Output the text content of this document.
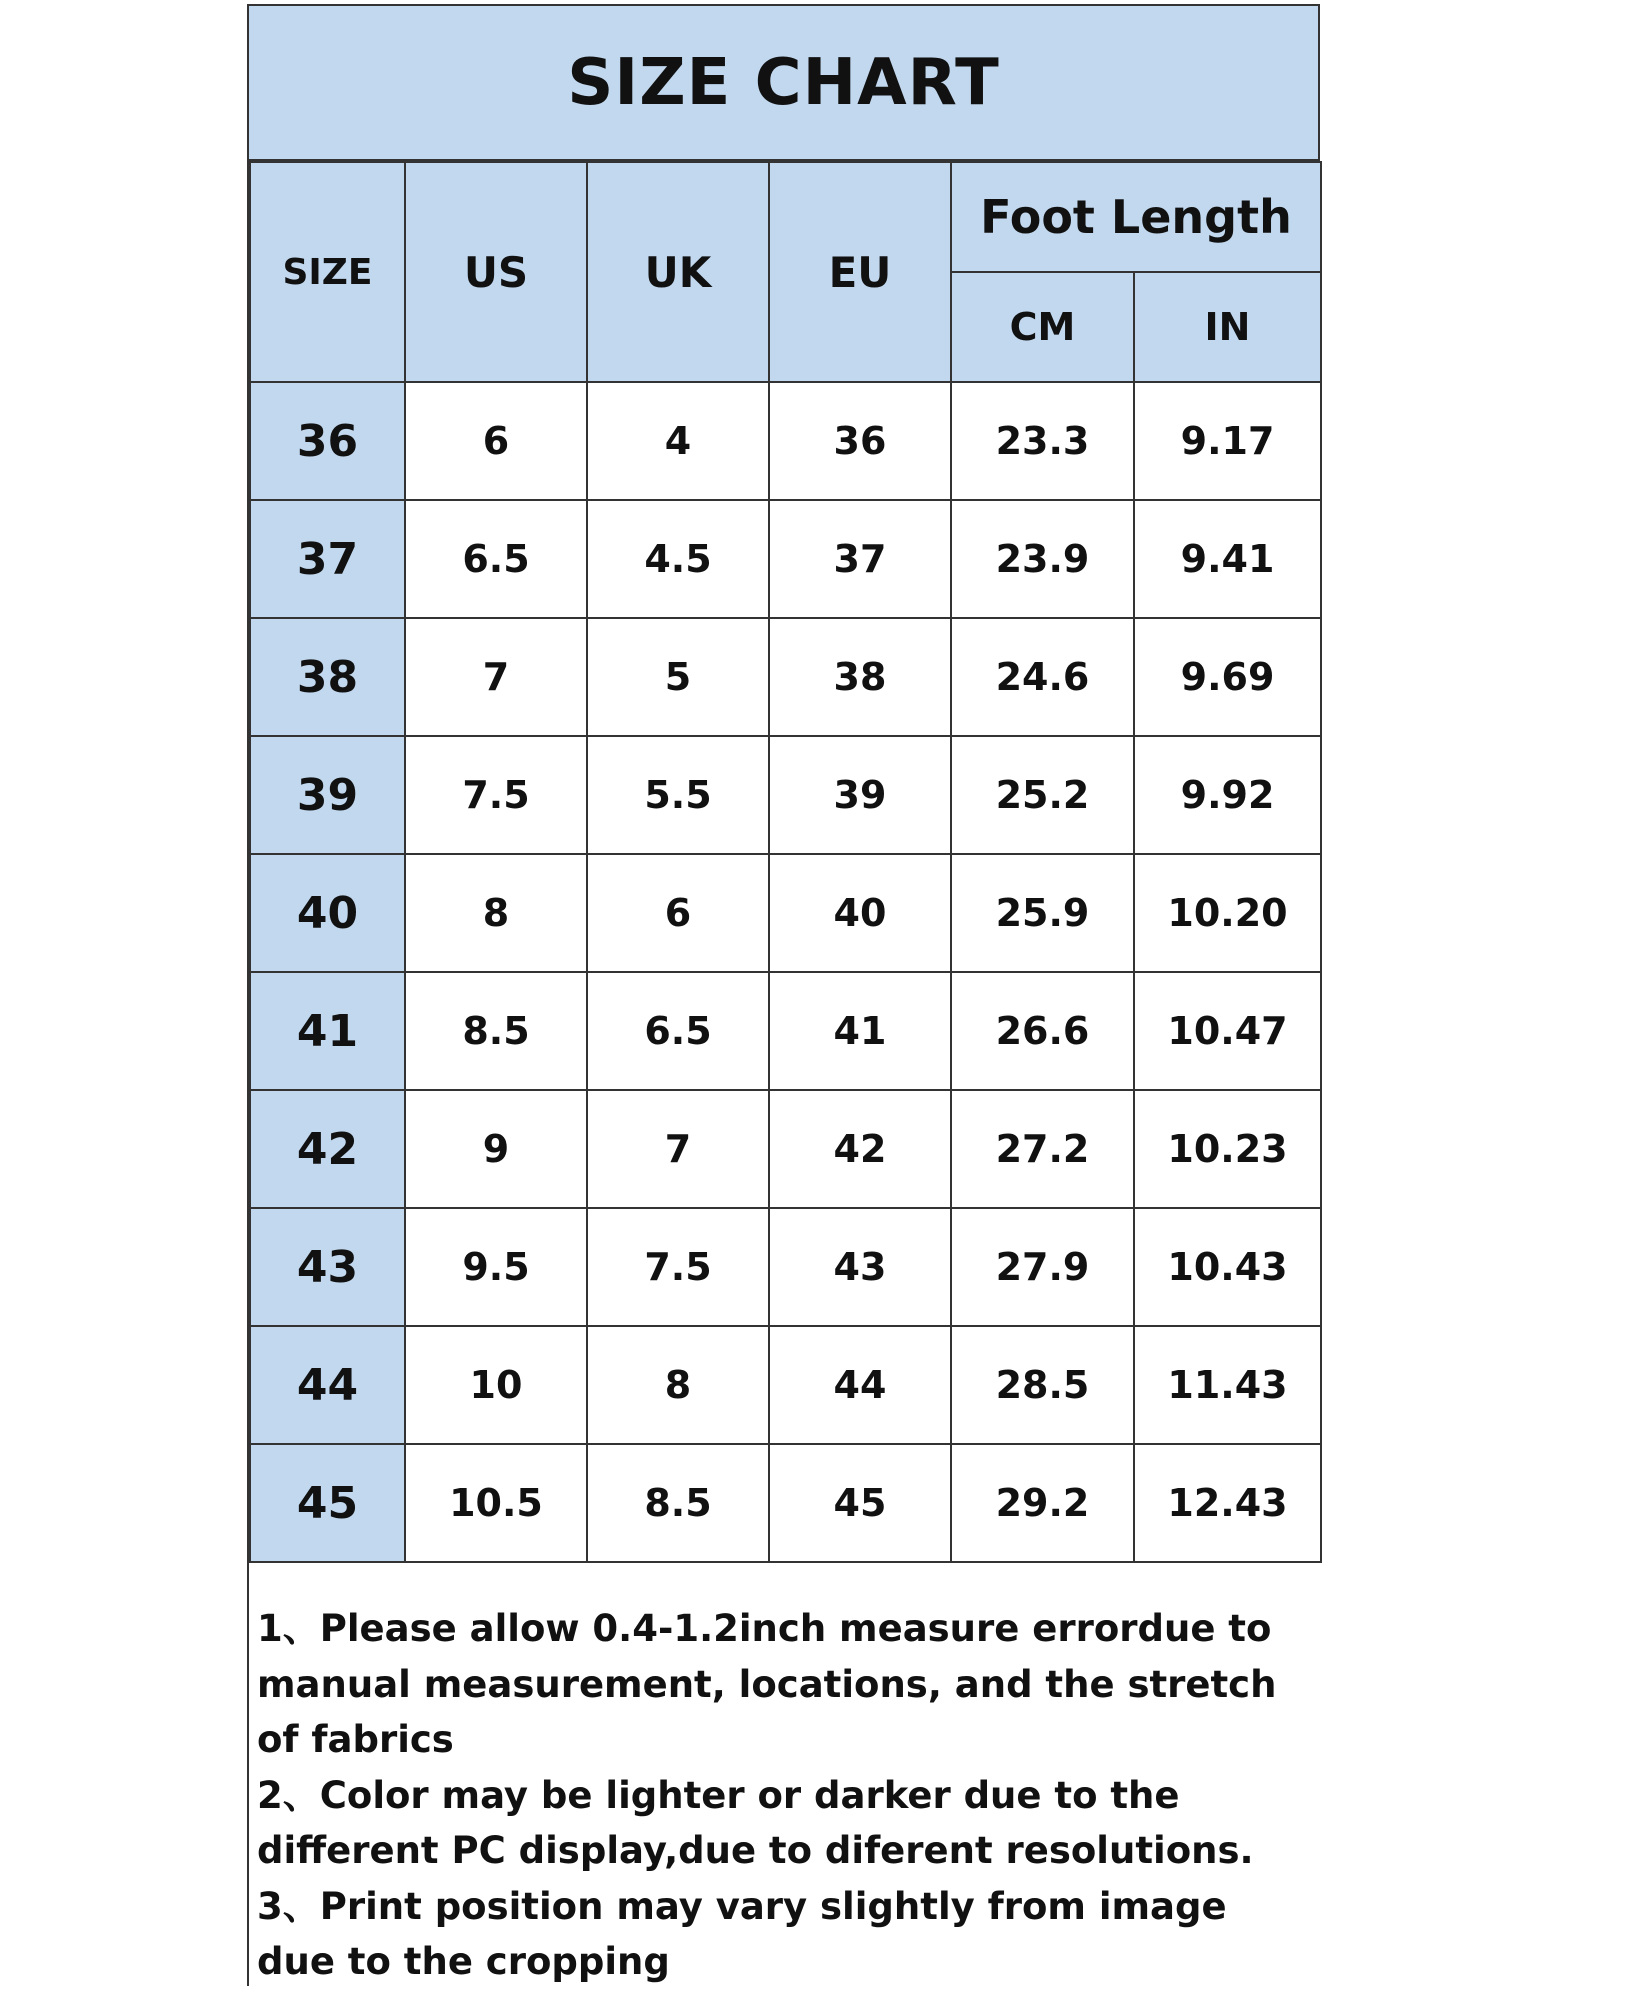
SIZE CHART
SIZE	US	UK	EU	Foot Length	
				CM	IN
36	6	4	36	23.3	9.17
37	6.5	4.5	37	23.9	9.41
38	7	5	38	24.6	9.69
39	7.5	5.5	39	25.2	9.92
40	8	6	40	25.9	10.20
41	8.5	6.5	41	26.6	10.47
42	9	7	42	27.2	10.23
43	9.5	7.5	43	27.9	10.43
44	10	8	44	28.5	11.43
45	10.5	8.5	45	29.2	12.43

1、Please allow 0.4-1.2inch measure errordue to manual measurement, locations, and the stretch of fabrics

2、Color may be lighter or darker due to the different PC display,due to diferent resolutions.

3、Print position may vary slightly from image due to the cropping
